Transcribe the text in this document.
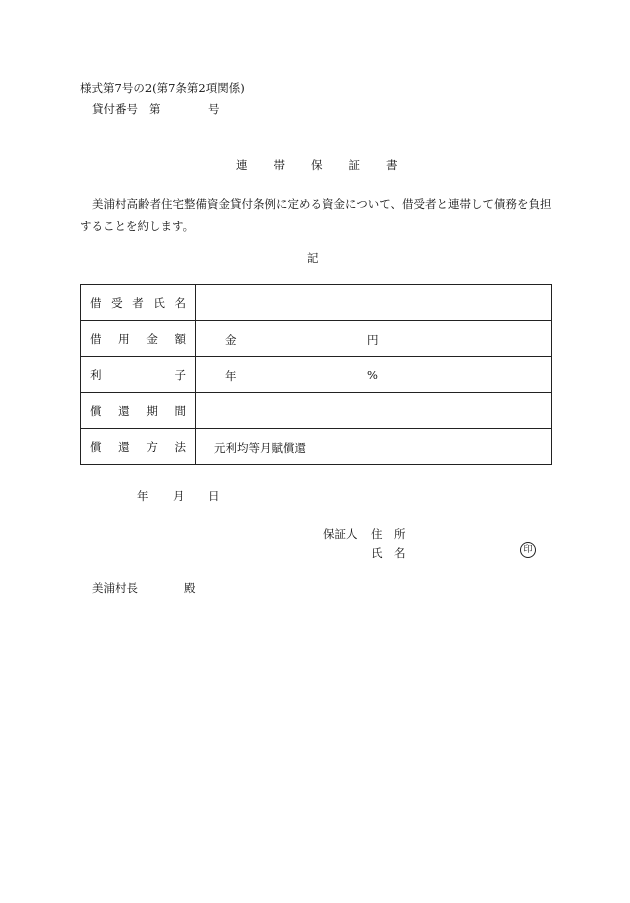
様式第7号の2(第7条第2項関係)
貸付番号 第	号
連 帯 保 証 書
美浦村高齢者住宅整備資金貸付条例に定める資金について、借受者と連帯して債務を負担することを約します。
記
借 受 者 氏 名	

借 用 金 額	金 円

利 子	年 %

償 還 期 間	

償 還 方 法	元利均等月賦償還
年 月 日
保証人 住　所
氏　名	印
美浦村長	殿
